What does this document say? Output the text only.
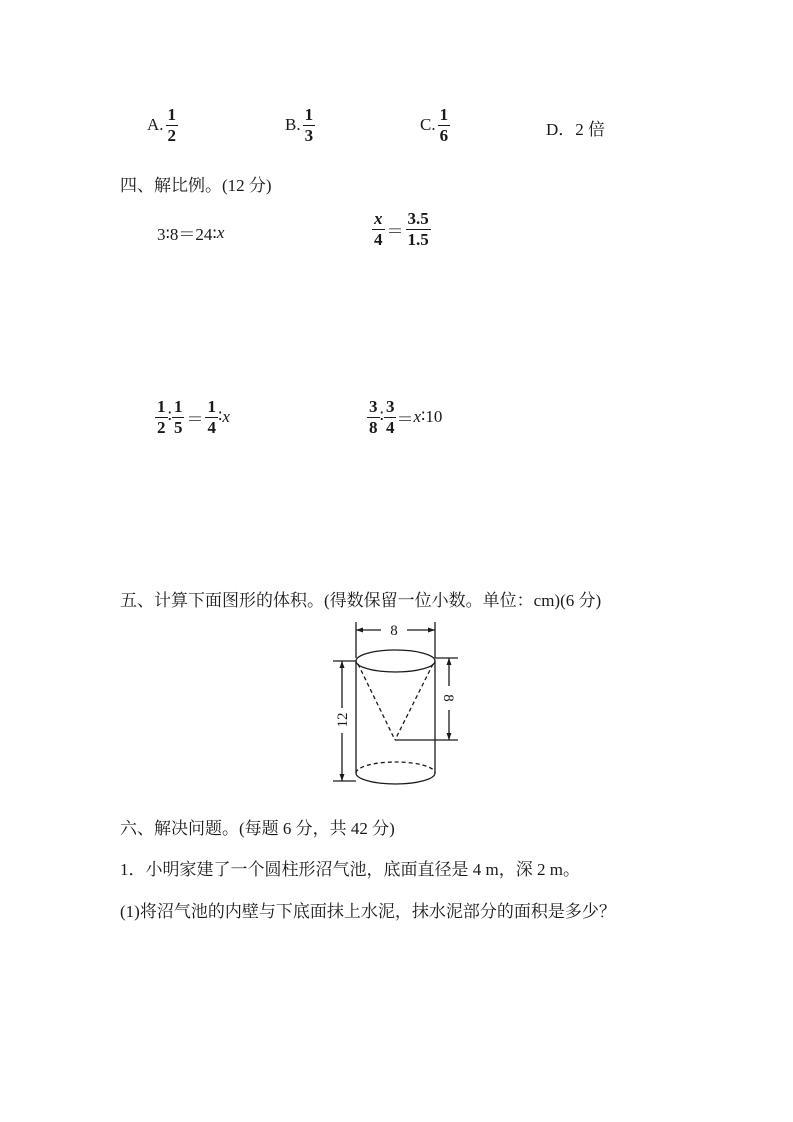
A. $\frac{1}{2}$	B. $\frac{1}{3}$	C. $\frac{1}{6}$	D． 2 倍
四、解比例。(12 分)
3∶8＝24∶ x	$\frac{x}{4} = \frac{3.5}{1.5}$
$\frac{1}{2}$ ∶ $\frac{1}{5} = \frac{1}{4}$ ∶ x	$\frac{3}{8}$ ∶ $\frac{3}{4} = x$ ∶10
五、计算下面图形的体积。(得数保留一位小数。单位：cm)(6 分)
8
12
8
六、解决问题。(每题 6 分，共 42 分)
1．小明家建了一个圆柱形沼气池，底面直径是 4 m，深 2 m。
(1)将沼气池的内壁与下底面抹上水泥，抹水泥部分的面积是多少？
